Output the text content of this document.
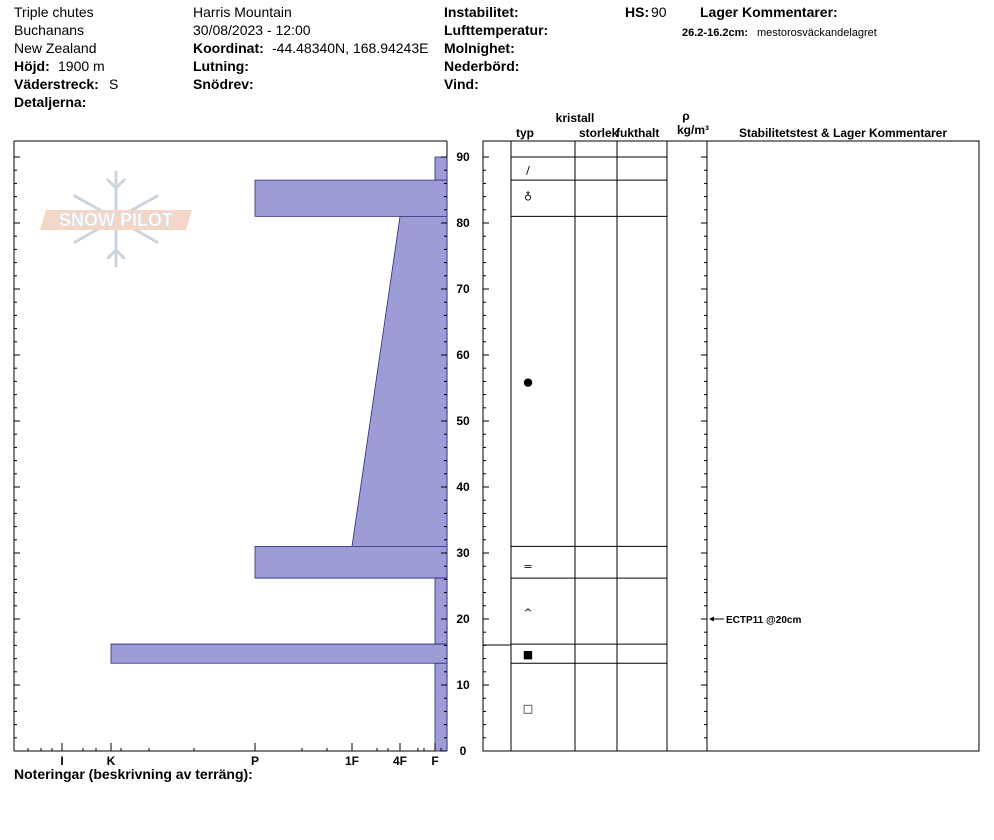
Triple chutes
Buchanans
New Zealand
Höjd: 1900 m
Väderstreck: S
Detaljerna:
Harris Mountain
30/08/2023 - 12:00
Koordinat: -44.48340N, 168.94243E
Lutning:
Snödrev:
Instabilitet:
Lufttemperatur:
Molnighet:
Nederbörd:
Vind:
HS: 90 Lager Kommentarer:
26.2-16.2cm: mestorosväckandelagret
SNOW PILOT
0
10
20
30
40
50
60
70
80
90
I	K	P	1F	4F F
/
♁
●
=
^
■
□
ECTP11 @20cm
kristall
typ	storlek
fukthalt
ρ
kg/m³ Stabilitetstest & Lager Kommentarer
Noteringar (beskrivning av terräng):
